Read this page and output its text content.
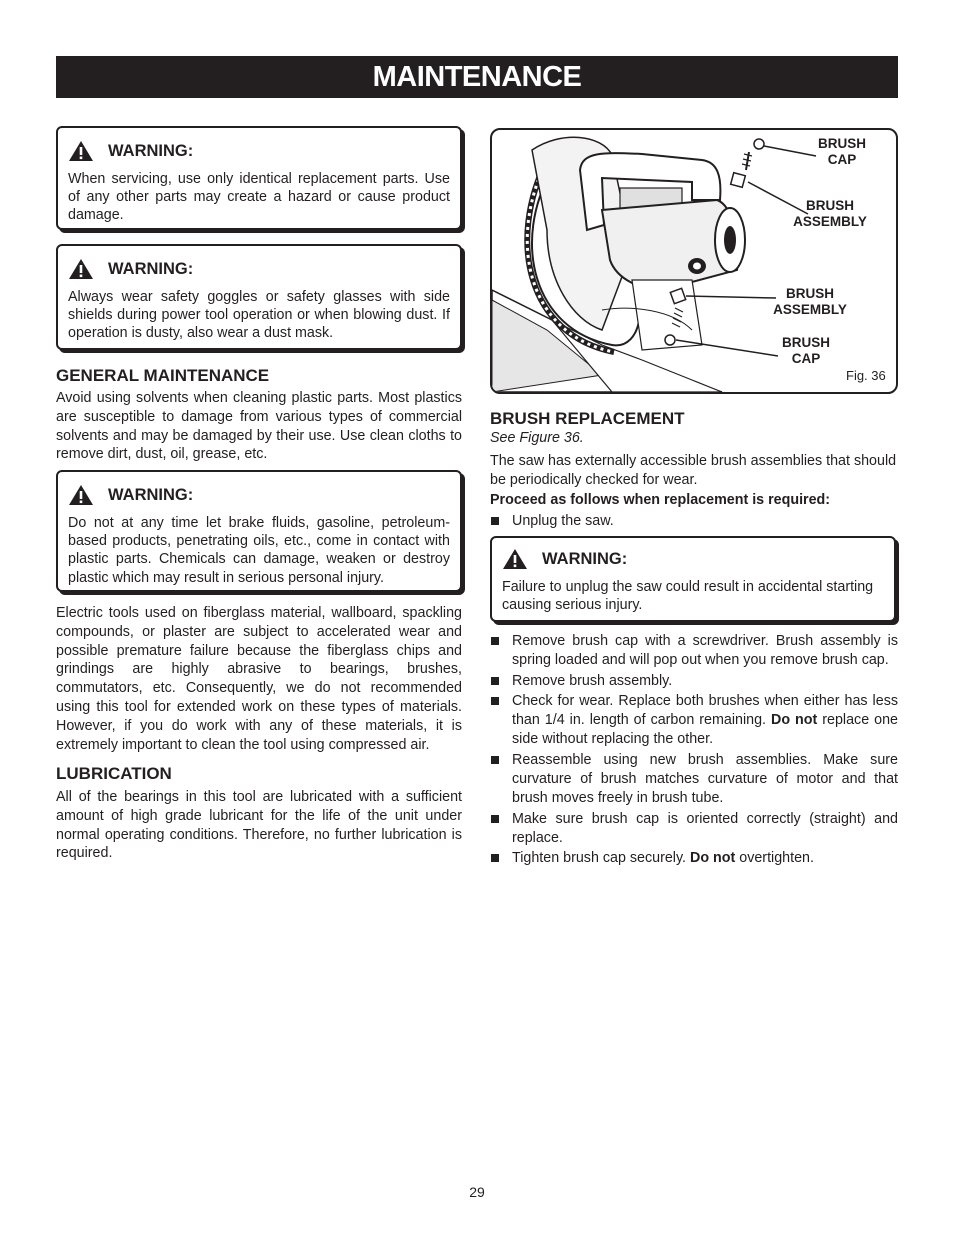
MAINTENANCE
WARNING:
When servicing, use only identical replacement parts. Use of any other parts may create a hazard or cause product damage.
WARNING:
Always wear safety goggles or safety glasses with side shields during power tool operation or when blowing dust. If operation is dusty, also wear a dust mask.
GENERAL MAINTENANCE

Avoid using solvents when cleaning plastic parts. Most plastics are susceptible to damage from various types of commercial solvents and may be damaged by their use. Use clean cloths to remove dirt, dust, oil, grease, etc.

WARNING:
Do not at any time let brake fluids, gasoline, petroleum-based products, penetrating oils, etc., come in contact with plastic parts. Chemicals can damage, weaken or destroy plastic which may result in serious personal injury.

Electric tools used on fiberglass material, wallboard, spackling compounds, or plaster are subject to accelerated wear and possible premature failure because the fiberglass chips and grindings are highly abrasive to bearings, brushes, commutators, etc. Consequently, we do not recommended using this tool for extended work on these types of materials. However, if you do work with any of these materials, it is extremely important to clean the tool using compressed air.

LUBRICATION

All of the bearings in this tool are lubricated with a sufficient amount of high grade lubricant for the life of the unit under normal operating conditions. Therefore, no further lubrication is required.

BRUSH CAP
BRUSH ASSEMBLY
BRUSH ASSEMBLY
BRUSH CAP
Fig. 36
BRUSH REPLACEMENT
See Figure 36.

The saw has externally accessible brush assemblies that should be periodically checked for wear.

Proceed as follows when replacement is required:
Unplug the saw.
WARNING:
Failure to unplug the saw could result in accidental starting causing serious injury.
Remove brush cap with a screwdriver. Brush assembly is spring loaded and will pop out when you remove brush cap.
Remove brush assembly.
Check for wear. Replace both brushes when either has less than 1/4 in. length of carbon remaining. Do not replace one side without replacing the other.
Reassemble using new brush assemblies. Make sure curvature of brush matches curvature of motor and that brush moves freely in brush tube.
Make sure brush cap is oriented correctly (straight) and replace.
Tighten brush cap securely. Do not overtighten.
29
